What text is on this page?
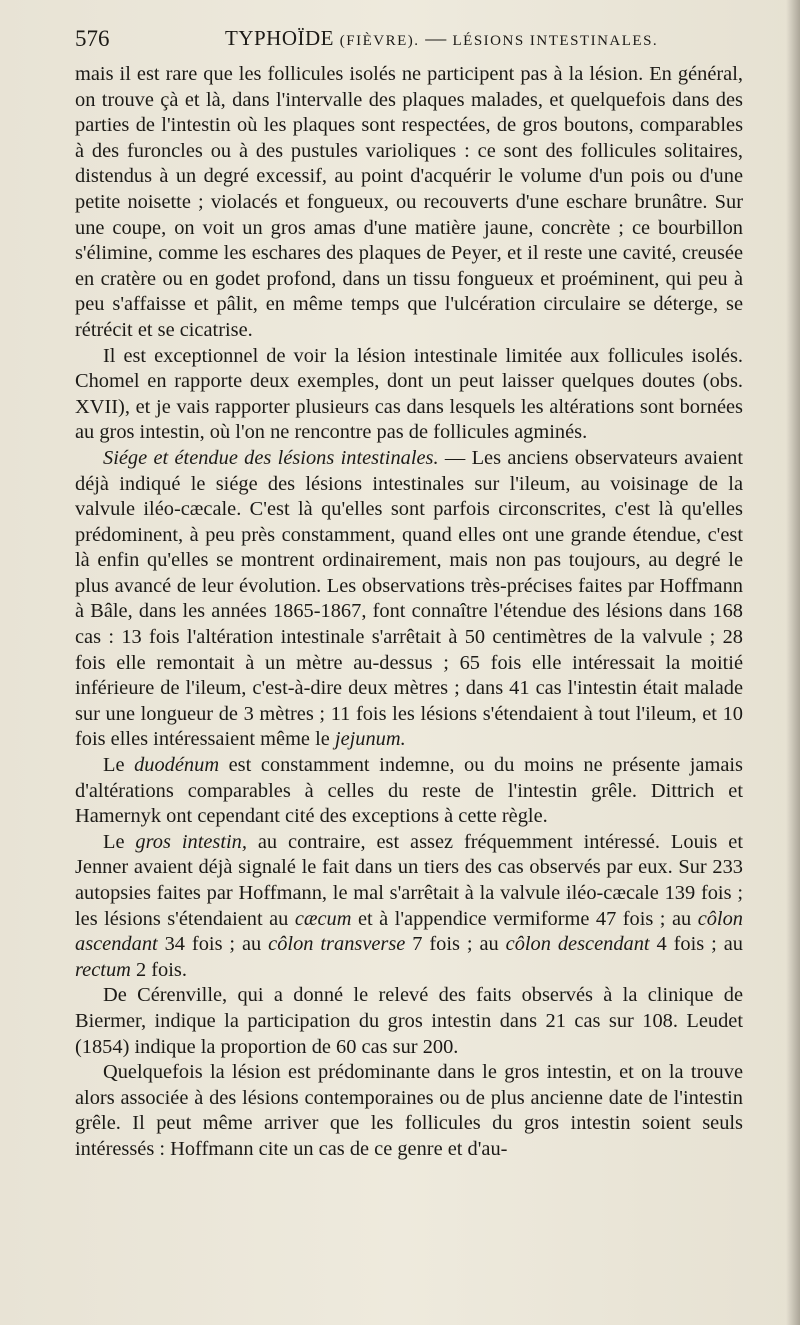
576	TYPHOÏDE (FIÈVRE). — LÉSIONS INTESTINALES.

mais il est rare que les follicules isolés ne participent pas à la lésion. En général, on trouve çà et là, dans l'intervalle des plaques malades, et quelquefois dans des parties de l'intestin où les plaques sont respectées, de gros boutons, comparables à des furoncles ou à des pustules varioliques : ce sont des follicules solitaires, distendus à un degré excessif, au point d'acquérir le volume d'un pois ou d'une petite noisette ; violacés et fongueux, ou recouverts d'une eschare brunâtre. Sur une coupe, on voit un gros amas d'une matière jaune, concrète ; ce bourbillon s'élimine, comme les eschares des plaques de Peyer, et il reste une cavité, creusée en cratère ou en godet profond, dans un tissu fongueux et proéminent, qui peu à peu s'affaisse et pâlit, en même temps que l'ulcération circulaire se déterge, se rétrécit et se cicatrise.

Il est exceptionnel de voir la lésion intestinale limitée aux follicules isolés. Chomel en rapporte deux exemples, dont un peut laisser quelques doutes (obs. XVII), et je vais rapporter plusieurs cas dans lesquels les altérations sont bornées au gros intestin, où l'on ne rencontre pas de follicules agminés.

Siége et étendue des lésions intestinales. — Les anciens observateurs avaient déjà indiqué le siége des lésions intestinales sur l'ileum, au voisinage de la valvule iléo-cæcale. C'est là qu'elles sont parfois circonscrites, c'est là qu'elles prédominent, à peu près constamment, quand elles ont une grande étendue, c'est là enfin qu'elles se montrent ordinairement, mais non pas toujours, au degré le plus avancé de leur évolution. Les observations très-précises faites par Hoffmann à Bâle, dans les années 1865-1867, font connaître l'étendue des lésions dans 168 cas : 13 fois l'altération intestinale s'arrêtait à 50 centimètres de la valvule ; 28 fois elle remontait à un mètre au-dessus ; 65 fois elle intéressait la moitié inférieure de l'ileum, c'est-à-dire deux mètres ; dans 41 cas l'intestin était malade sur une longueur de 3 mètres ; 11 fois les lésions s'étendaient à tout l'ileum, et 10 fois elles intéressaient même le jejunum.

Le duodénum est constamment indemne, ou du moins ne présente jamais d'altérations comparables à celles du reste de l'intestin grêle. Dittrich et Hamernyk ont cependant cité des exceptions à cette règle.

Le gros intestin, au contraire, est assez fréquemment intéressé. Louis et Jenner avaient déjà signalé le fait dans un tiers des cas observés par eux. Sur 233 autopsies faites par Hoffmann, le mal s'arrêtait à la valvule iléo-cæcale 139 fois ; les lésions s'étendaient au cæcum et à l'appendice vermiforme 47 fois ; au côlon ascendant 34 fois ; au côlon transverse 7 fois ; au côlon descendant 4 fois ; au rectum 2 fois.

De Cérenville, qui a donné le relevé des faits observés à la clinique de Biermer, indique la participation du gros intestin dans 21 cas sur 108. Leudet (1854) indique la proportion de 60 cas sur 200.

Quelquefois la lésion est prédominante dans le gros intestin, et on la trouve alors associée à des lésions contemporaines ou de plus ancienne date de l'intestin grêle. Il peut même arriver que les follicules du gros intestin soient seuls intéressés : Hoffmann cite un cas de ce genre et d'au-
